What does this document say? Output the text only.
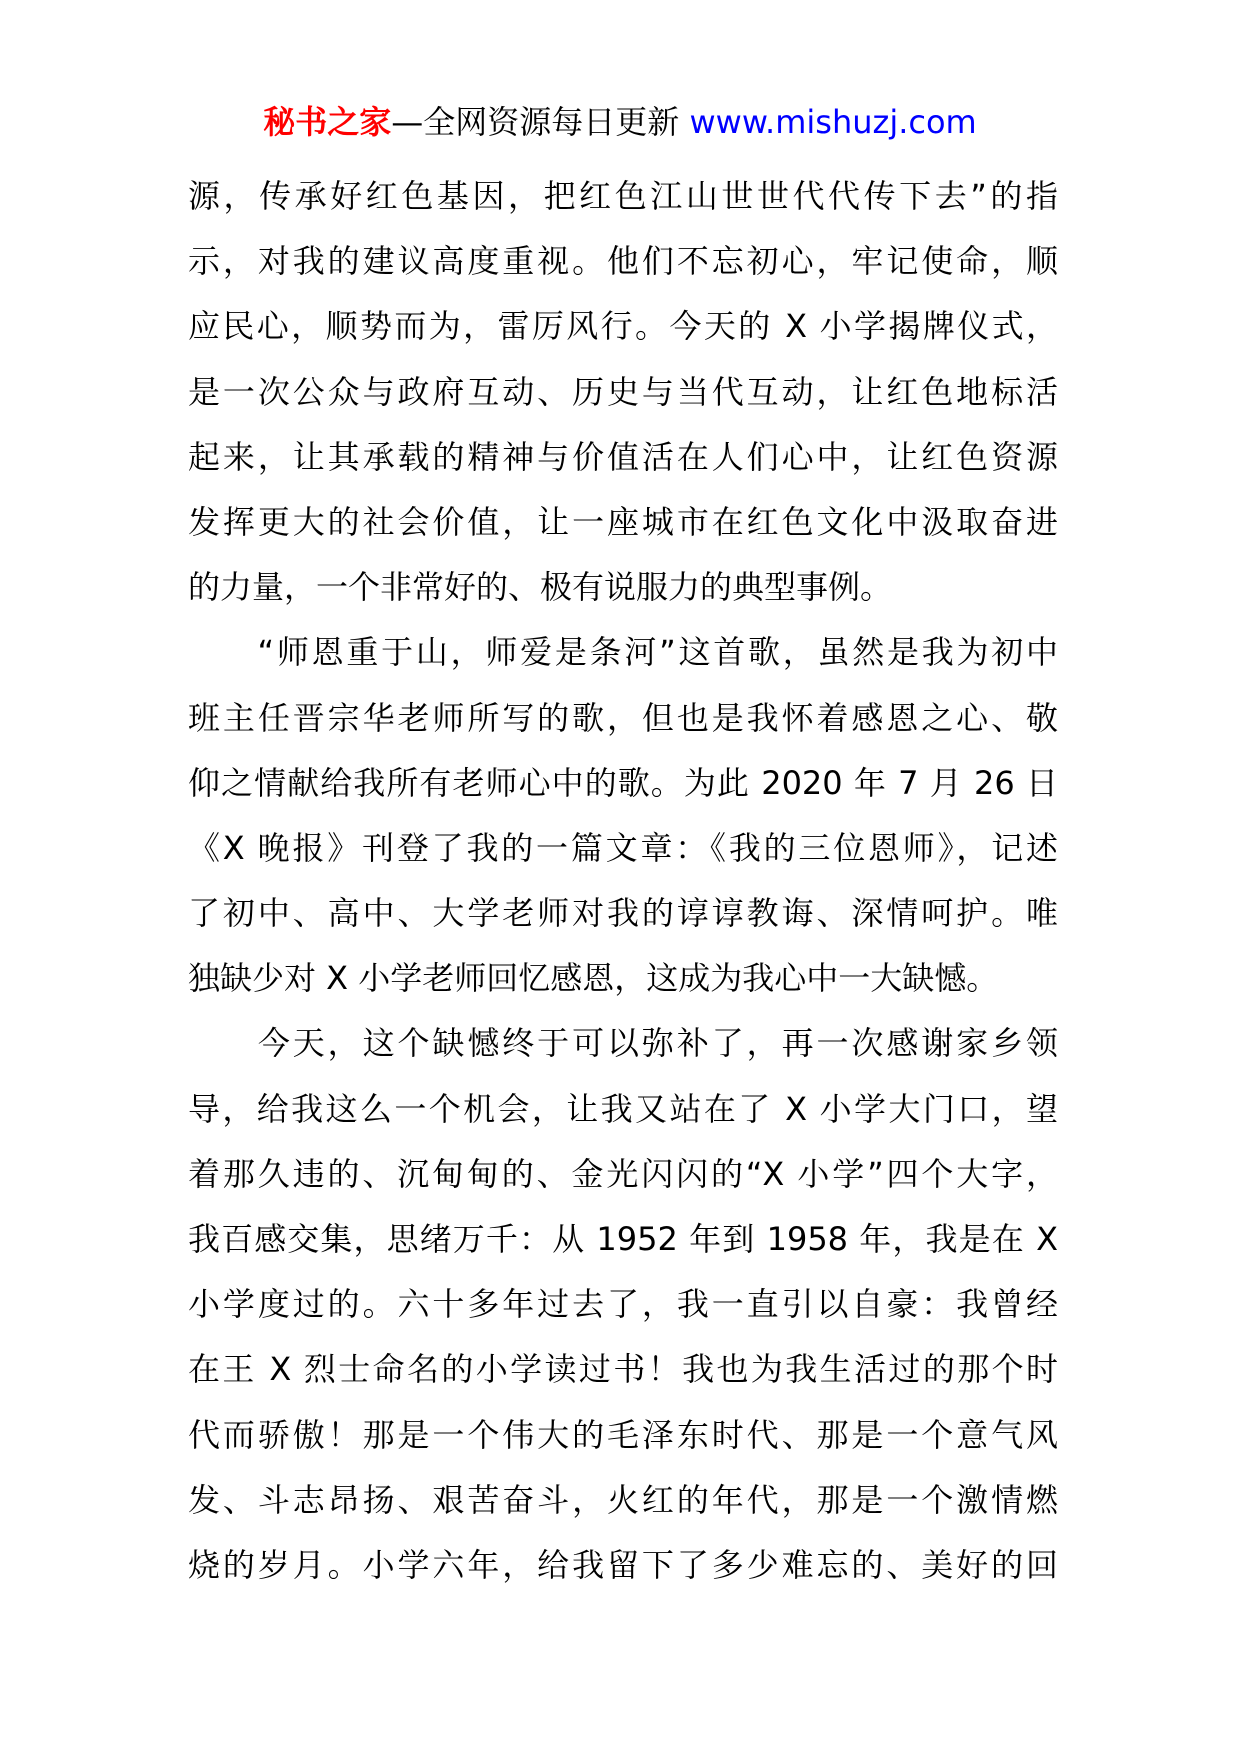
秘书之家—全网资源每日更新 www.mishuzj.com
源，传承好红色基因，把红色江山世世代代传下去”的指
示，对我的建议高度重视。他们不忘初心，牢记使命，顺
应民心，顺势而为，雷厉风行。今天的 X 小学揭牌仪式，
是一次公众与政府互动、历史与当代互动，让红色地标活
起来，让其承载的精神与价值活在人们心中，让红色资源
发挥更大的社会价值，让一座城市在红色文化中汲取奋进
的力量，一个非常好的、极有说服力的典型事例。
　　“师恩重于山，师爱是条河”这首歌，虽然是我为初中
班主任晋宗华老师所写的歌，但也是我怀着感恩之心、敬
仰之情献给我所有老师心中的歌。为此 2020 年 7 月 26 日
《X 晚报》刊登了我的一篇文章：《我的三位恩师》，记述
了初中、高中、大学老师对我的谆谆教诲、深情呵护。唯
独缺少对 X 小学老师回忆感恩，这成为我心中一大缺憾。
　　今天，这个缺憾终于可以弥补了，再一次感谢家乡领
导，给我这么一个机会，让我又站在了 X 小学大门口，望
着那久违的、沉甸甸的、金光闪闪的“X 小学”四个大字，
我百感交集，思绪万千：从 1952 年到 1958 年，我是在 X
小学度过的。六十多年过去了，我一直引以自豪：我曾经
在王 X 烈士命名的小学读过书！我也为我生活过的那个时
代而骄傲！那是一个伟大的毛泽东时代、那是一个意气风
发、斗志昂扬、艰苦奋斗，火红的年代，那是一个激情燃
烧的岁月。小学六年，给我留下了多少难忘的、美好的回
